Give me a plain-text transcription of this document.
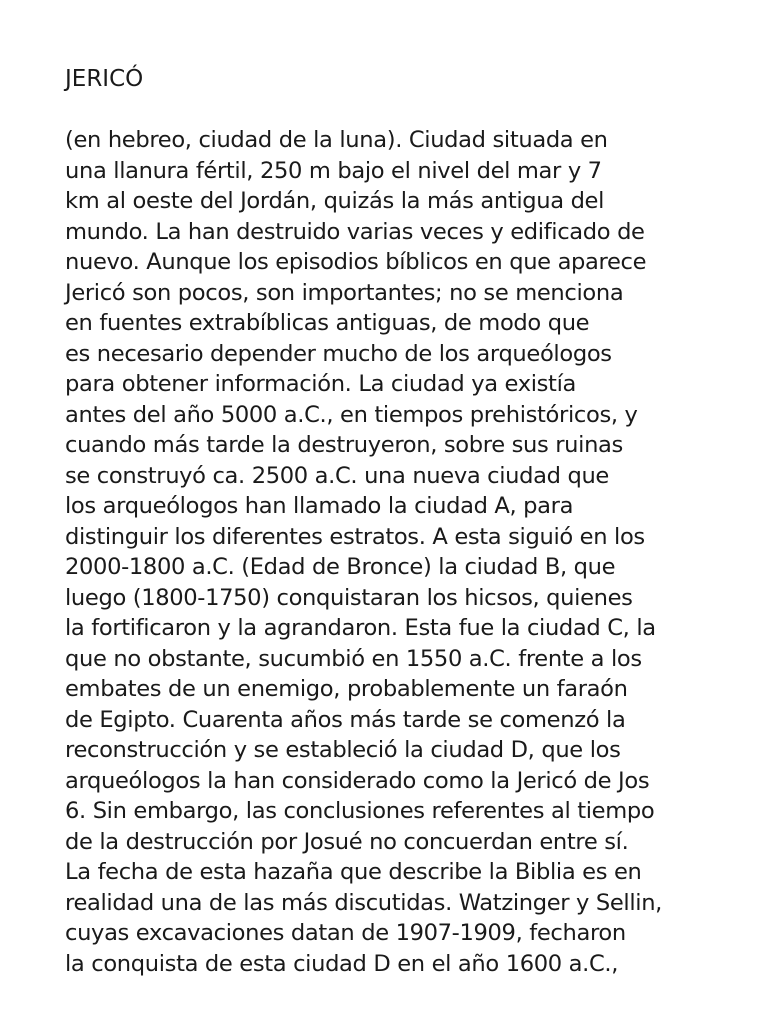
JERICÓ

(en hebreo, ciudad de la luna). Ciudad situada en
una llanura fértil, 250 m bajo el nivel del mar y 7
km al oeste del Jordán, quizás la más antigua del
mundo. La han destruido varias veces y edificado de
nuevo. Aunque los episodios bíblicos en que aparece
Jericó son pocos, son importantes; no se menciona
en fuentes extrabíblicas antiguas, de modo que
es necesario depender mucho de los arqueólogos
para obtener información. La ciudad ya existía
antes del año 5000 a.C., en tiempos prehistóricos, y
cuando más tarde la destruyeron, sobre sus ruinas
se construyó ca. 2500 a.C. una nueva ciudad que
los arqueólogos han llamado la ciudad A, para
distinguir los diferentes estratos. A esta siguió en los
2000-1800 a.C. (Edad de Bronce) la ciudad B, que
luego (1800-1750) conquistaran los hicsos, quienes
la fortificaron y la agrandaron. Esta fue la ciudad C, la
que no obstante, sucumbió en 1550 a.C. frente a los
embates de un enemigo, probablemente un faraón
de Egipto. Cuarenta años más tarde se comenzó la
reconstrucción y se estableció la ciudad D, que los
arqueólogos la han considerado como la Jericó de Jos
6. Sin embargo, las conclusiones referentes al tiempo
de la destrucción por Josué no concuerdan entre sí.
La fecha de esta hazaña que describe la Biblia es en
realidad una de las más discutidas. Watzinger y Sellin,
cuyas excavaciones datan de 1907-1909, fecharon
la conquista de esta ciudad D en el año 1600 a.C.,
